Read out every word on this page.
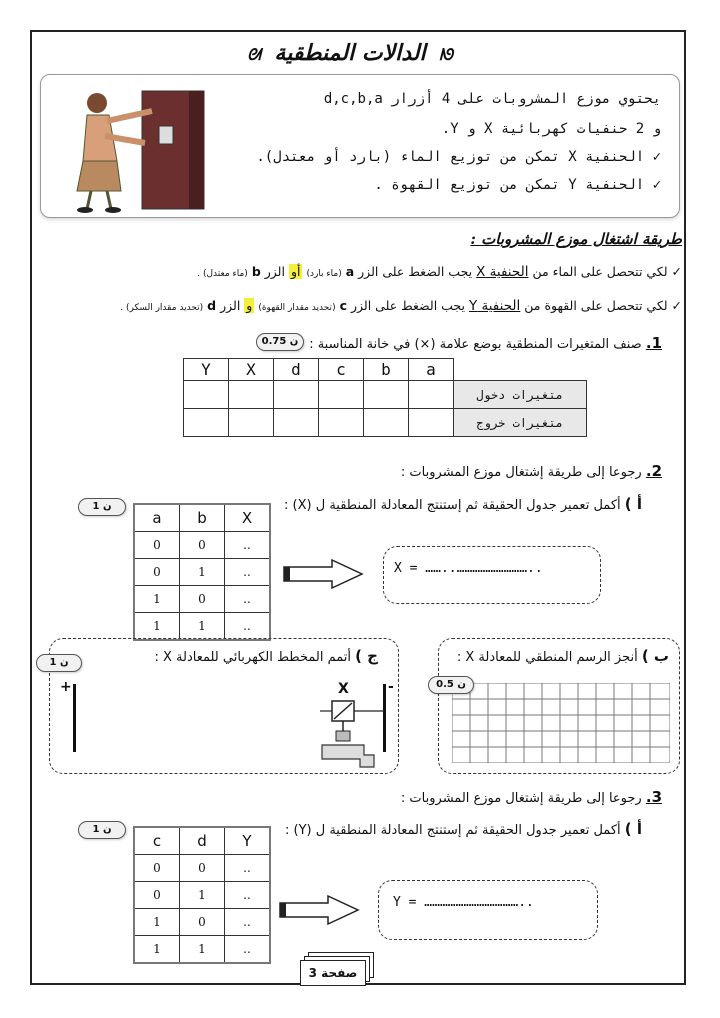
ᘛ الدالات المنطقية ᘚ
يحتوي موزع المشروبات على 4 أزرار d,c,b,a
و 2 حنفيات كهربائية X و Y.
✓ الحنفية X تمكن من توزيع الماء (بارد أو معتدل).
✓ الحنفية Y تمكن من توزيع القهوة .
طريقة اشتغال موزع المشروبات :
✓ لكي تتحصل على الماء من الحنفية X يجب الضغط على الزر a (ماء بارد) أو الزر b (ماء معتدل) .
✓ لكي تتحصل على القهوة من الحنفية Y يجب الضغط على الزر c (تحديد مقدار القهوة) و الزر d (تحديد مقدار السكر) .
1. صنف المتغيرات المنطقية بوضع علامة (×) في خانة المناسبة :
0.75 ن
Y	X	d	c	b	a	
						متغيرات دخول
						متغيرات خروج
2. رجوعا إلى طريقة إشتغال موزع المشروبات :
أ ) أكمل تعمير جدول الحقيقة ثم إستنتج المعادلة المنطقية ل (X) :
1 ن
a	b	X
0	0	..
0	1	..
1	0	..
1	1	..
X = ……..………………………..
ج ) أتمم المخطط الكهربائي للمعادلة X :
+	-
X
1 ن	ب ) أنجز الرسم المنطقي للمعادلة X :
0.5 ن
3. رجوعا إلى طريقة إشتغال موزع المشروبات :
أ ) أكمل تعمير جدول الحقيقة ثم إستنتج المعادلة المنطقية ل (Y) :
1 ن
c	d	Y
0	0	..
0	1	..
1	0	..
1	1	..
Y = ………………………………..
صفحة 3
